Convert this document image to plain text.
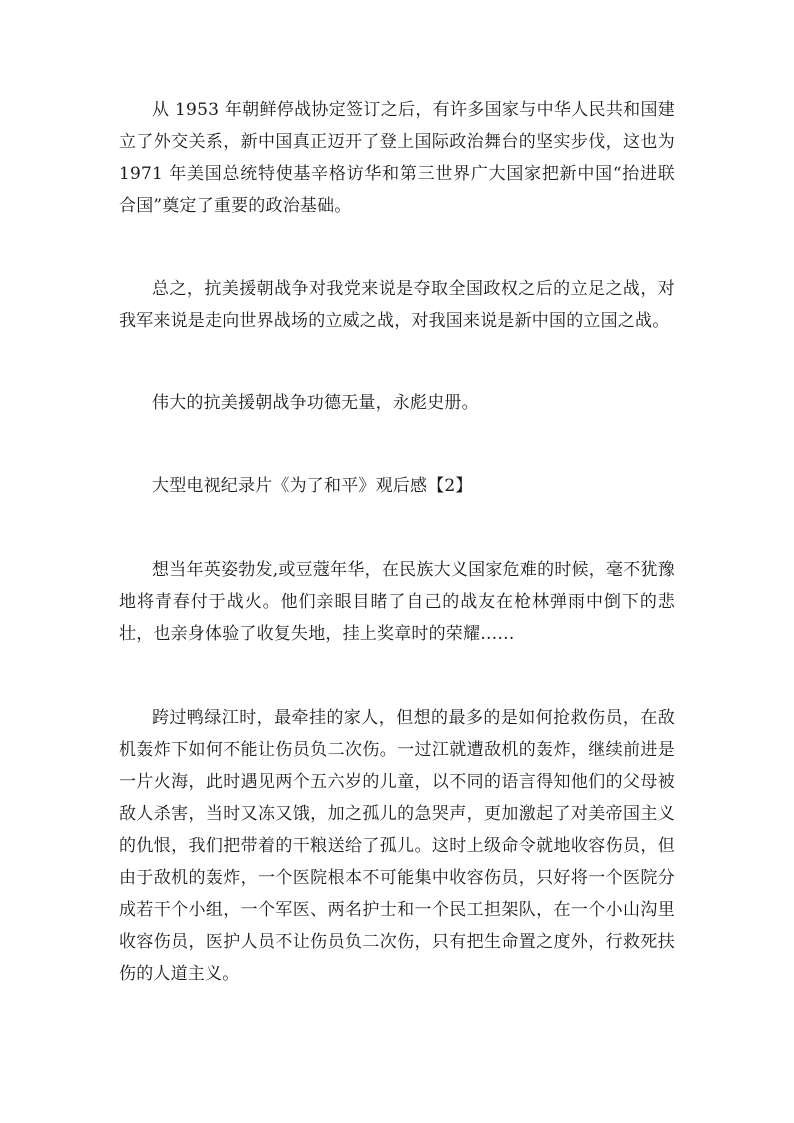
从 1953 年朝鲜停战协定签订之后，有许多国家与中华人民共和国建立了外交关系，新中国真正迈开了登上国际政治舞台的坚实步伐，这也为 1971 年美国总统特使基辛格访华和第三世界广大国家把新中国“抬进联合国”奠定了重要的政治基础。

总之，抗美援朝战争对我党来说是夺取全国政权之后的立足之战，对我军来说是走向世界战场的立威之战，对我国来说是新中国的立国之战。

伟大的抗美援朝战争功德无量，永彪史册。

大型电视纪录片《为了和平》观后感【2】

想当年英姿勃发,或豆蔻年华，在民族大义国家危难的时候，毫不犹豫地将青春付于战火。他们亲眼目睹了自己的战友在枪林弹雨中倒下的悲壮，也亲身体验了收复失地，挂上奖章时的荣耀……

跨过鸭绿江时，最牵挂的家人，但想的最多的是如何抢救伤员，在敌机轰炸下如何不能让伤员负二次伤。一过江就遭敌机的轰炸，继续前进是一片火海，此时遇见两个五六岁的儿童，以不同的语言得知他们的父母被敌人杀害，当时又冻又饿，加之孤儿的急哭声，更加激起了对美帝国主义的仇恨，我们把带着的干粮送给了孤儿。这时上级命令就地收容伤员，但由于敌机的轰炸，一个医院根本不可能集中收容伤员，只好将一个医院分成若干个小组，一个军医、两名护士和一个民工担架队，在一个小山沟里收容伤员，医护人员不让伤员负二次伤，只有把生命置之度外，行救死扶伤的人道主义。
